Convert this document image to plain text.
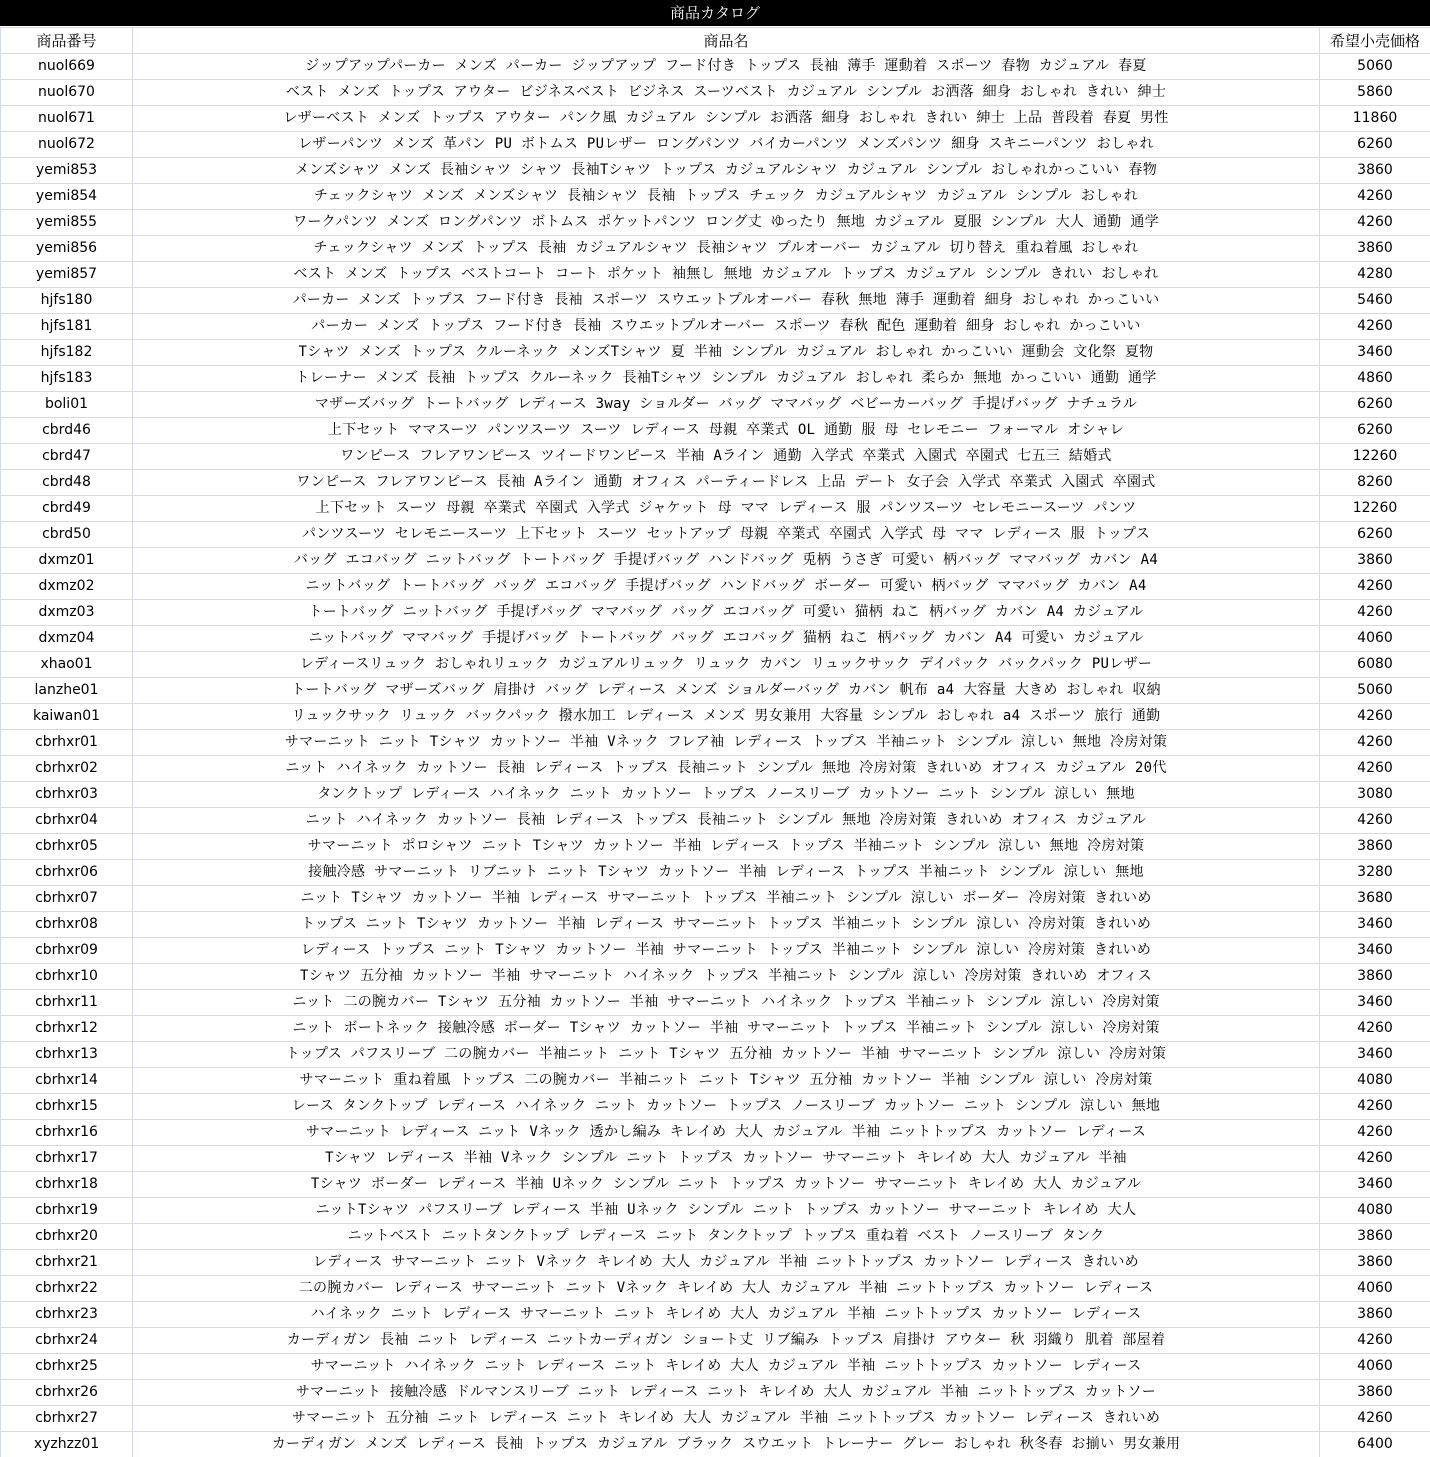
商品カタログ
商品番号	商品名	希望小売価格
nuol669	ジップアップパーカー メンズ パーカー ジップアップ フード付き トップス 長袖 薄手 運動着 スポーツ 春物 カジュアル 春夏	5060
nuol670	ベスト メンズ トップス アウター ビジネスベスト ビジネス スーツベスト カジュアル シンプル お洒落 細身 おしゃれ きれい 紳士	5860
nuol671	レザーベスト メンズ トップス アウター パンク風 カジュアル シンプル お洒落 細身 おしゃれ きれい 紳士 上品 普段着 春夏 男性	11860
nuol672	レザーパンツ メンズ 革パン PU ボトムス PUレザー ロングパンツ バイカーパンツ メンズパンツ 細身 スキニーパンツ おしゃれ	6260
yemi853	メンズシャツ メンズ 長袖シャツ シャツ 長袖Tシャツ トップス カジュアルシャツ カジュアル シンプル おしゃれかっこいい 春物	3860
yemi854	チェックシャツ メンズ メンズシャツ 長袖シャツ 長袖 トップス チェック カジュアルシャツ カジュアル シンプル おしゃれ	4260
yemi855	ワークパンツ メンズ ロングパンツ ボトムス ポケットパンツ ロング丈 ゆったり 無地 カジュアル 夏服 シンプル 大人 通勤 通学	4260
yemi856	チェックシャツ メンズ トップス 長袖 カジュアルシャツ 長袖シャツ プルオーバー カジュアル 切り替え 重ね着風 おしゃれ	3860
yemi857	ベスト メンズ トップス ベストコート コート ポケット 袖無し 無地 カジュアル トップス カジュアル シンプル きれい おしゃれ	4280
hjfs180	パーカー メンズ トップス フード付き 長袖 スポーツ スウエットプルオーバー 春秋 無地 薄手 運動着 細身 おしゃれ かっこいい	5460
hjfs181	パーカー メンズ トップス フード付き 長袖 スウエットプルオーバー スポーツ 春秋 配色 運動着 細身 おしゃれ かっこいい	4260
hjfs182	Tシャツ メンズ トップス クルーネック メンズTシャツ 夏 半袖 シンプル カジュアル おしゃれ かっこいい 運動会 文化祭 夏物	3460
hjfs183	トレーナー メンズ 長袖 トップス クルーネック 長袖Tシャツ シンプル カジュアル おしゃれ 柔らか 無地 かっこいい 通勤 通学	4860
boli01	マザーズバッグ トートバッグ レディース 3way ショルダー バッグ ママバッグ ベビーカーバッグ 手提げバッグ ナチュラル	6260
cbrd46	上下セット ママスーツ パンツスーツ スーツ レディース 母親 卒業式 OL 通勤 服 母 セレモニー フォーマル オシャレ	6260
cbrd47	ワンピース フレアワンピース ツイードワンピース 半袖 Aライン 通勤 入学式 卒業式 入園式 卒園式 七五三 結婚式	12260
cbrd48	ワンピース フレアワンピース 長袖 Aライン 通勤 オフィス パーティードレス 上品 デート 女子会 入学式 卒業式 入園式 卒園式	8260
cbrd49	上下セット スーツ 母親 卒業式 卒園式 入学式 ジャケット 母 ママ レディース 服 パンツスーツ セレモニースーツ パンツ	12260
cbrd50	パンツスーツ セレモニースーツ 上下セット スーツ セットアップ 母親 卒業式 卒園式 入学式 母 ママ レディース 服 トップス	6260
dxmz01	バッグ エコバッグ ニットバッグ トートバッグ 手提げバッグ ハンドバッグ 兎柄 うさぎ 可愛い 柄バッグ ママバッグ カバン A4	3860
dxmz02	ニットバッグ トートバッグ バッグ エコバッグ 手提げバッグ ハンドバッグ ボーダー 可愛い 柄バッグ ママバッグ カバン A4	4260
dxmz03	トートバッグ ニットバッグ 手提げバッグ ママバッグ バッグ エコバッグ 可愛い 猫柄 ねこ 柄バッグ カバン A4 カジュアル	4260
dxmz04	ニットバッグ ママバッグ 手提げバッグ トートバッグ バッグ エコバッグ 猫柄 ねこ 柄バッグ カバン A4 可愛い カジュアル	4060
xhao01	レディースリュック おしゃれリュック カジュアルリュック リュック カバン リュックサック デイパック バックパック PUレザー	6080
lanzhe01	トートバッグ マザーズバッグ 肩掛け バッグ レディース メンズ ショルダーバッグ カバン 帆布 a4 大容量 大きめ おしゃれ 収納	5060
kaiwan01	リュックサック リュック バックパック 撥水加工 レディース メンズ 男女兼用 大容量 シンプル おしゃれ a4 スポーツ 旅行 通勤	4260
cbrhxr01	サマーニット ニット Tシャツ カットソー 半袖 Vネック フレア袖 レディース トップス 半袖ニット シンプル 涼しい 無地 冷房対策	4260
cbrhxr02	ニット ハイネック カットソー 長袖 レディース トップス 長袖ニット シンプル 無地 冷房対策 きれいめ オフィス カジュアル 20代	4260
cbrhxr03	タンクトップ レディース ハイネック ニット カットソー トップス ノースリーブ カットソー ニット シンプル 涼しい 無地	3080
cbrhxr04	ニット ハイネック カットソー 長袖 レディース トップス 長袖ニット シンプル 無地 冷房対策 きれいめ オフィス カジュアル	4260
cbrhxr05	サマーニット ポロシャツ ニット Tシャツ カットソー 半袖 レディース トップス 半袖ニット シンプル 涼しい 無地 冷房対策	3860
cbrhxr06	接触冷感 サマーニット リブニット ニット Tシャツ カットソー 半袖 レディース トップス 半袖ニット シンプル 涼しい 無地	3280
cbrhxr07	ニット Tシャツ カットソー 半袖 レディース サマーニット トップス 半袖ニット シンプル 涼しい ボーダー 冷房対策 きれいめ	3680
cbrhxr08	トップス ニット Tシャツ カットソー 半袖 レディース サマーニット トップス 半袖ニット シンプル 涼しい 冷房対策 きれいめ	3460
cbrhxr09	レディース トップス ニット Tシャツ カットソー 半袖 サマーニット トップス 半袖ニット シンプル 涼しい 冷房対策 きれいめ	3460
cbrhxr10	Tシャツ 五分袖 カットソー 半袖 サマーニット ハイネック トップス 半袖ニット シンプル 涼しい 冷房対策 きれいめ オフィス	3860
cbrhxr11	ニット 二の腕カバー Tシャツ 五分袖 カットソー 半袖 サマーニット ハイネック トップス 半袖ニット シンプル 涼しい 冷房対策	3460
cbrhxr12	ニット ボートネック 接触冷感 ボーダー Tシャツ カットソー 半袖 サマーニット トップス 半袖ニット シンプル 涼しい 冷房対策	4260
cbrhxr13	トップス パフスリーブ 二の腕カバー 半袖ニット ニット Tシャツ 五分袖 カットソー 半袖 サマーニット シンプル 涼しい 冷房対策	3460
cbrhxr14	サマーニット 重ね着風 トップス 二の腕カバー 半袖ニット ニット Tシャツ 五分袖 カットソー 半袖 シンプル 涼しい 冷房対策	4080
cbrhxr15	レース タンクトップ レディース ハイネック ニット カットソー トップス ノースリーブ カットソー ニット シンプル 涼しい 無地	4260
cbrhxr16	サマーニット レディース ニット Vネック 透かし編み キレイめ 大人 カジュアル 半袖 ニットトップス カットソー レディース	4260
cbrhxr17	Tシャツ レディース 半袖 Vネック シンプル ニット トップス カットソー サマーニット キレイめ 大人 カジュアル 半袖	4260
cbrhxr18	Tシャツ ボーダー レディース 半袖 Uネック シンプル ニット トップス カットソー サマーニット キレイめ 大人 カジュアル	3460
cbrhxr19	ニットTシャツ パフスリーブ レディース 半袖 Uネック シンプル ニット トップス カットソー サマーニット キレイめ 大人	4080
cbrhxr20	ニットベスト ニットタンクトップ レディース ニット タンクトップ トップス 重ね着 ベスト ノースリーブ タンク	3860
cbrhxr21	レディース サマーニット ニット Vネック キレイめ 大人 カジュアル 半袖 ニットトップス カットソー レディース きれいめ	3860
cbrhxr22	二の腕カバー レディース サマーニット ニット Vネック キレイめ 大人 カジュアル 半袖 ニットトップス カットソー レディース	4060
cbrhxr23	ハイネック ニット レディース サマーニット ニット キレイめ 大人 カジュアル 半袖 ニットトップス カットソー レディース	3860
cbrhxr24	カーディガン 長袖 ニット レディース ニットカーディガン ショート丈 リブ編み トップス 肩掛け アウター 秋 羽織り 肌着 部屋着	4260
cbrhxr25	サマーニット ハイネック ニット レディース ニット キレイめ 大人 カジュアル 半袖 ニットトップス カットソー レディース	4060
cbrhxr26	サマーニット 接触冷感 ドルマンスリーブ ニット レディース ニット キレイめ 大人 カジュアル 半袖 ニットトップス カットソー	3860
cbrhxr27	サマーニット 五分袖 ニット レディース ニット キレイめ 大人 カジュアル 半袖 ニットトップス カットソー レディース きれいめ	4260
xyzhzz01	カーディガン メンズ レディース 長袖 トップス カジュアル ブラック スウエット トレーナー グレー おしゃれ 秋冬春 お揃い 男女兼用	6400
